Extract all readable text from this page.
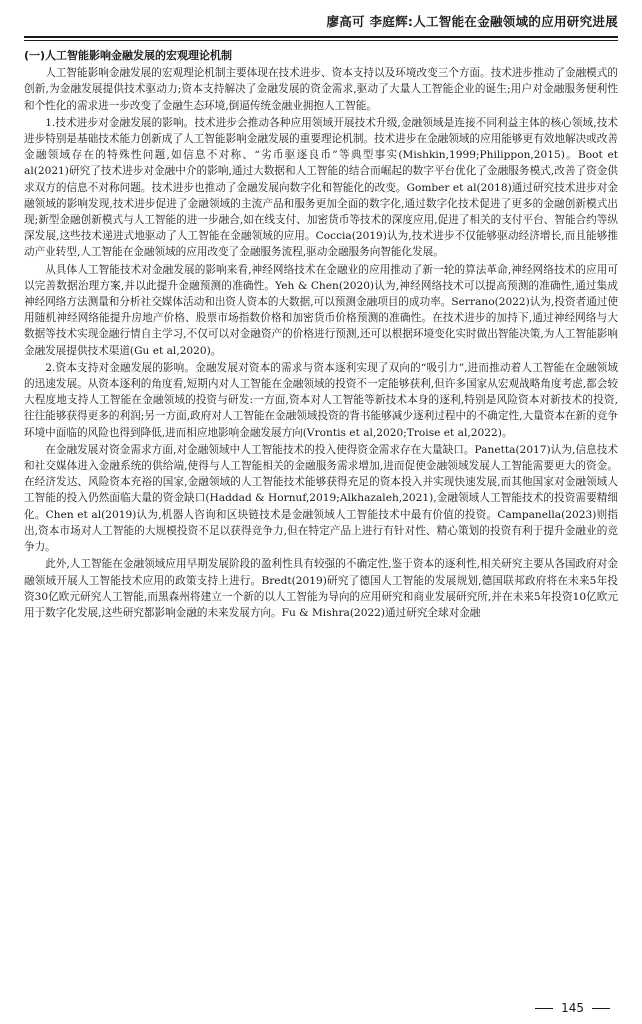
廖高可 李庭辉:人工智能在金融领域的应用研究进展
(一)人工智能影响金融发展的宏观理论机制

人工智能影响金融发展的宏观理论机制主要体现在技术进步、资本支持以及环境改变三个方面。技术进步推动了金融模式的创新,为金融发展提供技术驱动力;资本支持解决了金融发展的资金需求,驱动了大量人工智能企业的诞生;用户对金融服务便利性和个性化的需求进一步改变了金融生态环境,倒逼传统金融业拥抱人工智能。

1.技术进步对金融发展的影响。技术进步会推动各种应用领域开展技术升级,金融领域是连接不同利益主体的核心领域,技术进步特别是基础技术能力创新成了人工智能影响金融发展的重要理论机制。技术进步在金融领域的应用能够更有效地解决或改善金融领域存在的特殊性问题,如信息不对称、“劣币驱逐良币”等典型事实(Mishkin,1999;Philippon,2015)。Boot et al(2021)研究了技术进步对金融中介的影响,通过大数据和人工智能的结合而崛起的数字平台优化了金融服务模式,改善了资金供求双方的信息不对称问题。技术进步也推动了金融发展向数字化和智能化的改变。Gomber et al(2018)通过研究技术进步对金融领域的影响发现,技术进步促进了金融领域的主流产品和服务更加全面的数字化,通过数字化技术促进了更多的金融创新模式出现;新型金融创新模式与人工智能的进一步融合,如在线支付、加密货币等技术的深度应用,促进了相关的支付平台、智能合约等纵深发展,这些技术递进式地驱动了人工智能在金融领域的应用。Coccia(2019)认为,技术进步不仅能够驱动经济增长,而且能够推动产业转型,人工智能在金融领域的应用改变了金融服务流程,驱动金融服务向智能化发展。

从具体人工智能技术对金融发展的影响来看,神经网络技术在金融业的应用推动了新一轮的算法革命,神经网络技术的应用可以完善数据治理方案,并以此提升金融预测的准确性。Yeh & Chen(2020)认为,神经网络技术可以提高预测的准确性,通过集成神经网络方法测量和分析社交媒体活动和出资人资本的大数据,可以预测金融项目的成功率。Serrano(2022)认为,投资者通过使用随机神经网络能提升房地产价格、股票市场指数价格和加密货币价格预测的准确性。在技术进步的加持下,通过神经网络与大数据等技术实现金融行情自主学习,不仅可以对金融资产的价格进行预测,还可以根据环境变化实时做出智能决策,为人工智能影响金融发展提供技术渠道(Gu et al,2020)。

2.资本支持对金融发展的影响。金融发展对资本的需求与资本逐利实现了双向的“吸引力”,进而推动着人工智能在金融领域的迅速发展。从资本逐利的角度看,短期内对人工智能在金融领域的投资不一定能够获利,但许多国家从宏观战略角度考虑,都会较大程度地支持人工智能在金融领域的投资与研发:一方面,资本对人工智能等新技术本身的逐利,特别是风险资本对新技术的投资,往往能够获得更多的利润;另一方面,政府对人工智能在金融领域投资的背书能够减少逐利过程中的不确定性,大量资本在新的竞争环境中面临的风险也得到降低,进而相应地影响金融发展方向(Vrontis et al,2020;Troise et al,2022)。

在金融发展对资金需求方面,对金融领域中人工智能技术的投入使得资金需求存在大量缺口。Panetta(2017)认为,信息技术和社交媒体进入金融系统的供给端,使得与人工智能相关的金融服务需求增加,进而促使金融领域发展人工智能需要更大的资金。在经济发达、风险资本充裕的国家,金融领域的人工智能技术能够获得充足的资本投入并实现快速发展,而其他国家对金融领域人工智能的投入仍然面临大量的资金缺口(Haddad & Hornuf,2019;Alkhazaleh,2021),金融领域人工智能技术的投资需要精细化。Chen et al(2019)认为,机器人咨询和区块链技术是金融领域人工智能技术中最有价值的投资。Campanella(2023)则指出,资本市场对人工智能的大规模投资不足以获得竞争力,但在特定产品上进行有针对性、精心策划的投资有利于提升金融业的竞争力。

此外,人工智能在金融领域应用早期发展阶段的盈利性具有较强的不确定性,鉴于资本的逐利性,相关研究主要从各国政府对金融领域开展人工智能技术应用的政策支持上进行。Bredt(2019)研究了德国人工智能的发展规划,德国联邦政府将在未来5年投资30亿欧元研究人工智能,而黑森州将建立一个新的以人工智能为导向的应用研究和商业发展研究所,并在未来5年投资10亿欧元用于数字化发展,这些研究都影响金融的未来发展方向。Fu & Mishra(2022)通过研究全球对金融

145
